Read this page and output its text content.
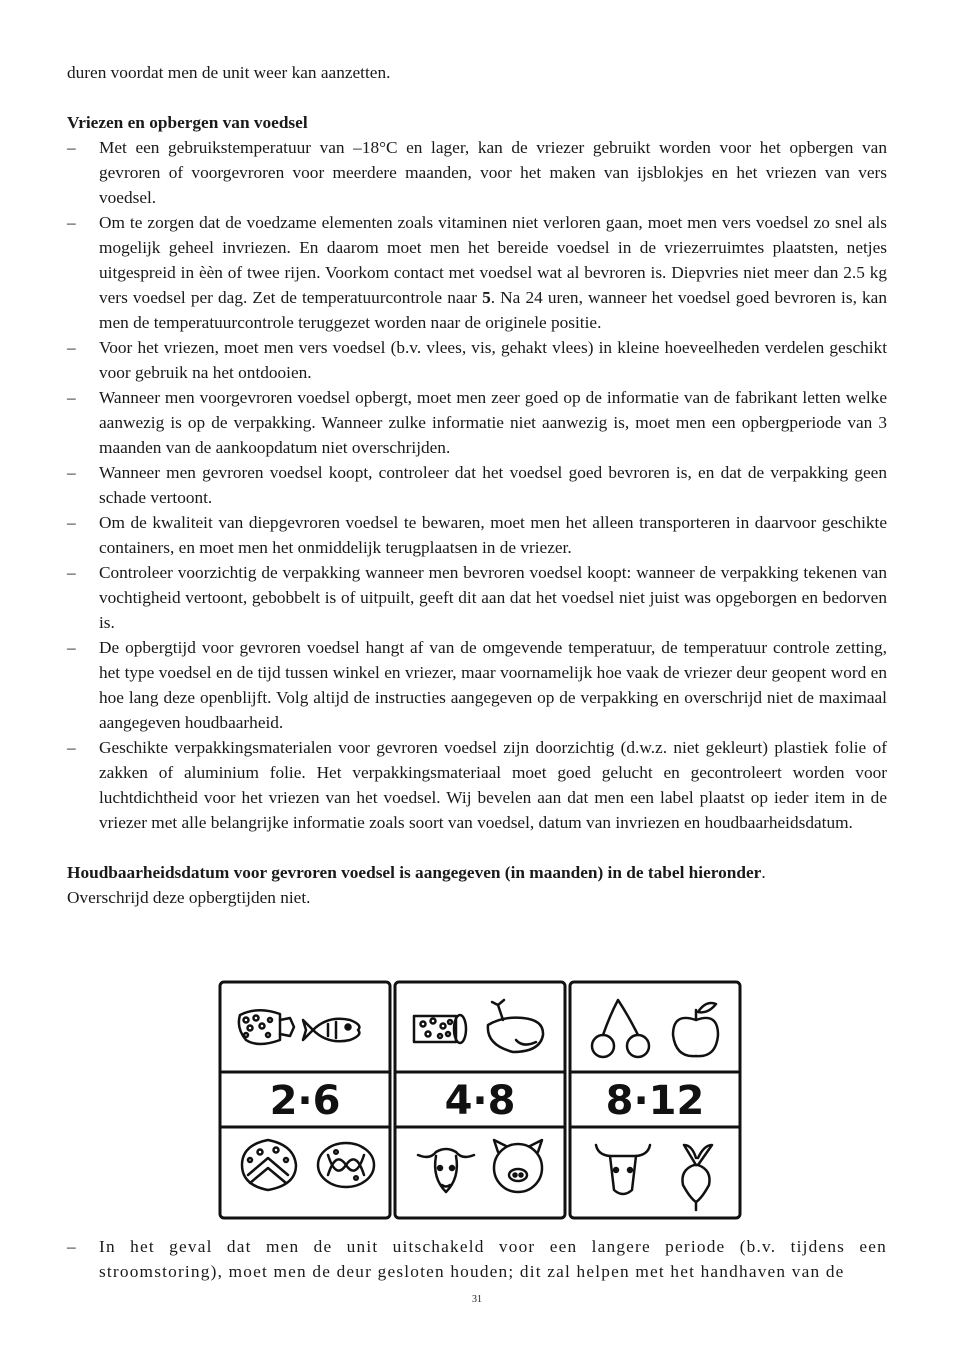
duren voordat men de unit weer kan aanzetten.

Vriezen en opbergen van voedsel
– Met een gebruikstemperatuur van –18°C en lager, kan de vriezer gebruikt worden voor het opbergen van gevroren of voorgevroren voor meerdere maanden, voor het maken van ijsblokjes en het vriezen van vers voedsel.
– Om te zorgen dat de voedzame elementen zoals vitaminen niet verloren gaan, moet men vers voedsel zo snel als mogelijk geheel invriezen. En daarom moet men het bereide voedsel in de vriezerruimtes plaatsten, netjes uitgespreid in èèn of twee rijen. Voorkom contact met voedsel wat al bevroren is. Diepvries niet meer dan 2.5 kg vers voedsel per dag. Zet de temperatuurcontrole naar 5. Na 24 uren, wanneer het voedsel goed bevroren is, kan men de temperatuurcontrole teruggezet worden naar de originele positie.
– Voor het vriezen, moet men vers voedsel (b.v. vlees, vis, gehakt vlees) in kleine hoeveelheden verdelen geschikt voor gebruik na het ontdooien.
– Wanneer men voorgevroren voedsel opbergt, moet men zeer goed op de informatie van de fabrikant letten welke aanwezig is op de verpakking. Wanneer zulke informatie niet aanwezig is, moet men een opbergperiode van 3 maanden van de aankoopdatum niet overschrijden.
– Wanneer men gevroren voedsel koopt, controleer dat het voedsel goed bevroren is, en dat de verpakking geen schade vertoont.
– Om de kwaliteit van diepgevroren voedsel te bewaren, moet men het alleen transporteren in daarvoor geschikte containers, en moet men het onmiddelijk terugplaatsen in de vriezer.
– Controleer voorzichtig de verpakking wanneer men bevroren voedsel koopt: wanneer de verpakking tekenen van vochtigheid vertoont, gebobbelt is of uitpuilt, geeft dit aan dat het voedsel niet juist was opgeborgen en bedorven is.
– De opbergtijd voor gevroren voedsel hangt af van de omgevende temperatuur, de temperatuur controle zetting, het type voedsel en de tijd tussen winkel en vriezer, maar voornamelijk hoe vaak de vriezer deur geopent word en hoe lang deze openblijft. Volg altijd de instructies aangegeven op de verpakking en overschrijd niet de maximaal aangegeven houdbaarheid.
– Geschikte verpakkingsmaterialen voor gevroren voedsel zijn doorzichtig (d.w.z. niet gekleurt) plastiek folie of zakken of aluminium folie. Het verpakkingsmateriaal moet goed gelucht en gecontroleert worden voor luchtdichtheid voor het vriezen van het voedsel. Wij bevelen aan dat men een label plaatst op ieder item in de vriezer met alle belangrijke informatie zoals soort van voedsel, datum van invriezen en houdbaarheidsdatum.

Houdbaarheidsdatum voor gevroren voedsel is aangegeven (in maanden) in de tabel hieronder.

Overschrijd deze opbergtijden niet.

2·6	4·8 8·12
– In het geval dat men de unit uitschakeld voor een langere periode (b.v. tijdens een stroomstoring), moet men de deur gesloten houden; dit zal helpen met het handhaven van de
31
